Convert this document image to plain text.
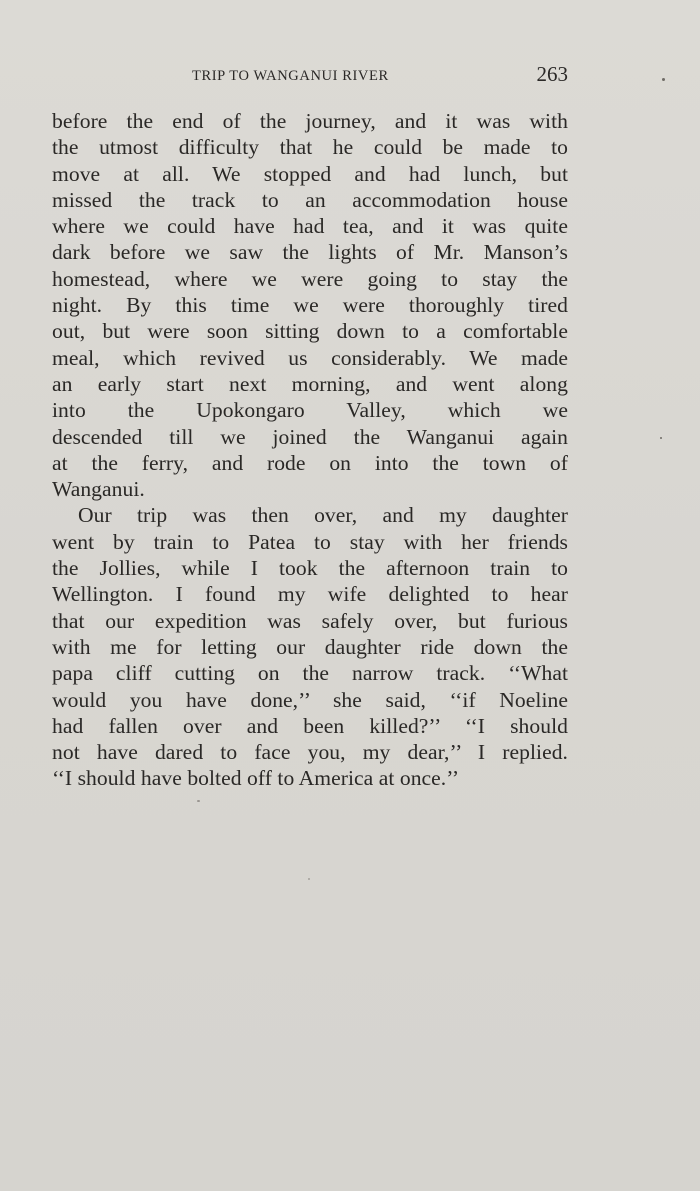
TRIP TO WANGANUI RIVER	263

before the end of the journey, and it was with
the utmost difficulty that he could be made to
move at all. We stopped and had lunch, but
missed the track to an accommodation house
where we could have had tea, and it was quite
dark before we saw the lights of Mr. Manson’s
homestead, where we were going to stay the
night. By this time we were thoroughly tired
out, but were soon sitting down to a comfortable
meal, which revived us considerably. We made
an early start next morning, and went along
into the Upokongaro Valley, which we
descended till we joined the Wanganui again
at the ferry, and rode on into the town of
Wanganui.

Our trip was then over, and my daughter
went by train to Patea to stay with her friends
the Jollies, while I took the afternoon train to
Wellington. I found my wife delighted to hear
that our expedition was safely over, but furious
with me for letting our daughter ride down the
papa cliff cutting on the narrow track. ‘‘What
would you have done,’’ she said, ‘‘if Noeline
had fallen over and been killed?’’ ‘‘I should
not have dared to face you, my dear,’’ I replied.
‘‘I should have bolted off to America at once.’’
